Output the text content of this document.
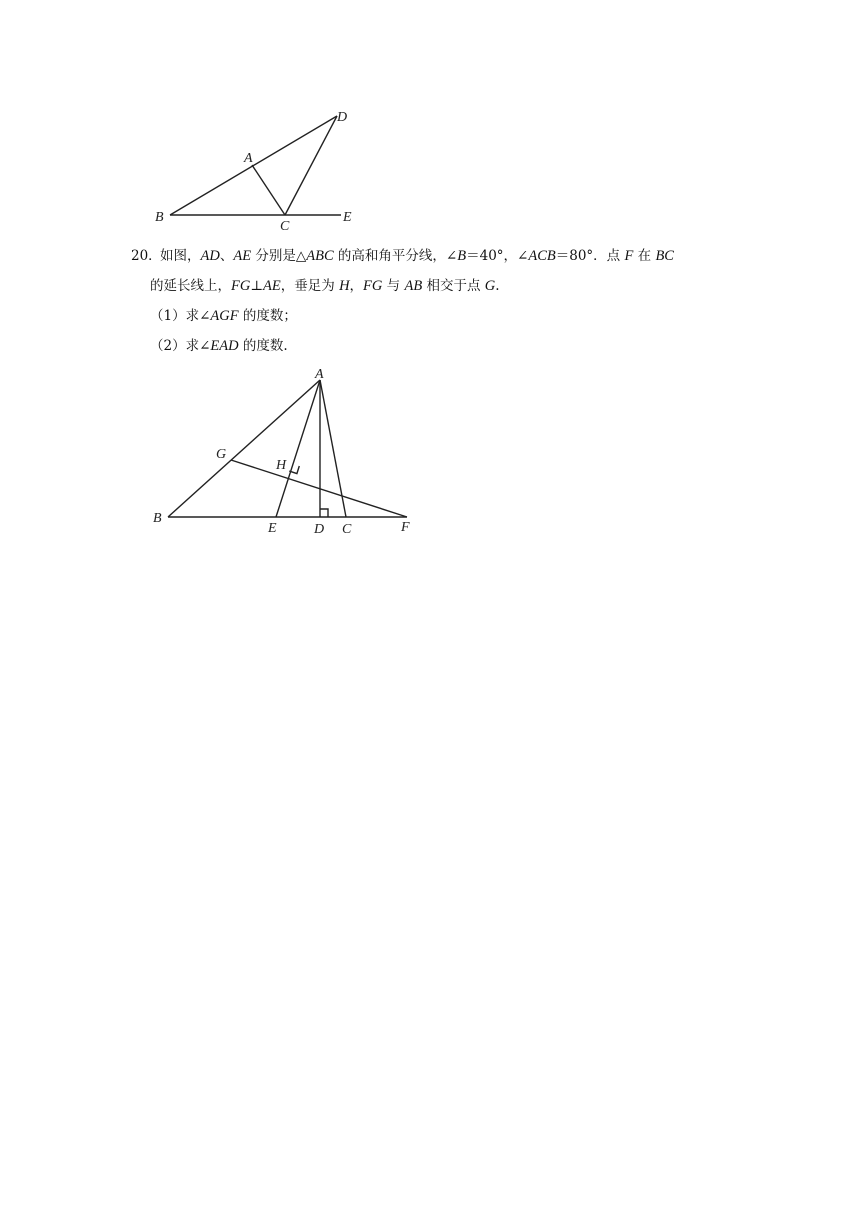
A
B
C
D
E
20．
如图，AD、AE 分别是△ABC 的高和角平分线，∠B＝40°，∠ACB＝80°．点 F 在 BC
的延长线上，FG⊥AE，垂足为 H，FG 与 AB 相交于点 G.
（1）求∠AGF 的度数；
（2）求∠EAD 的度数.
A
B
G
H
E	D C	F
